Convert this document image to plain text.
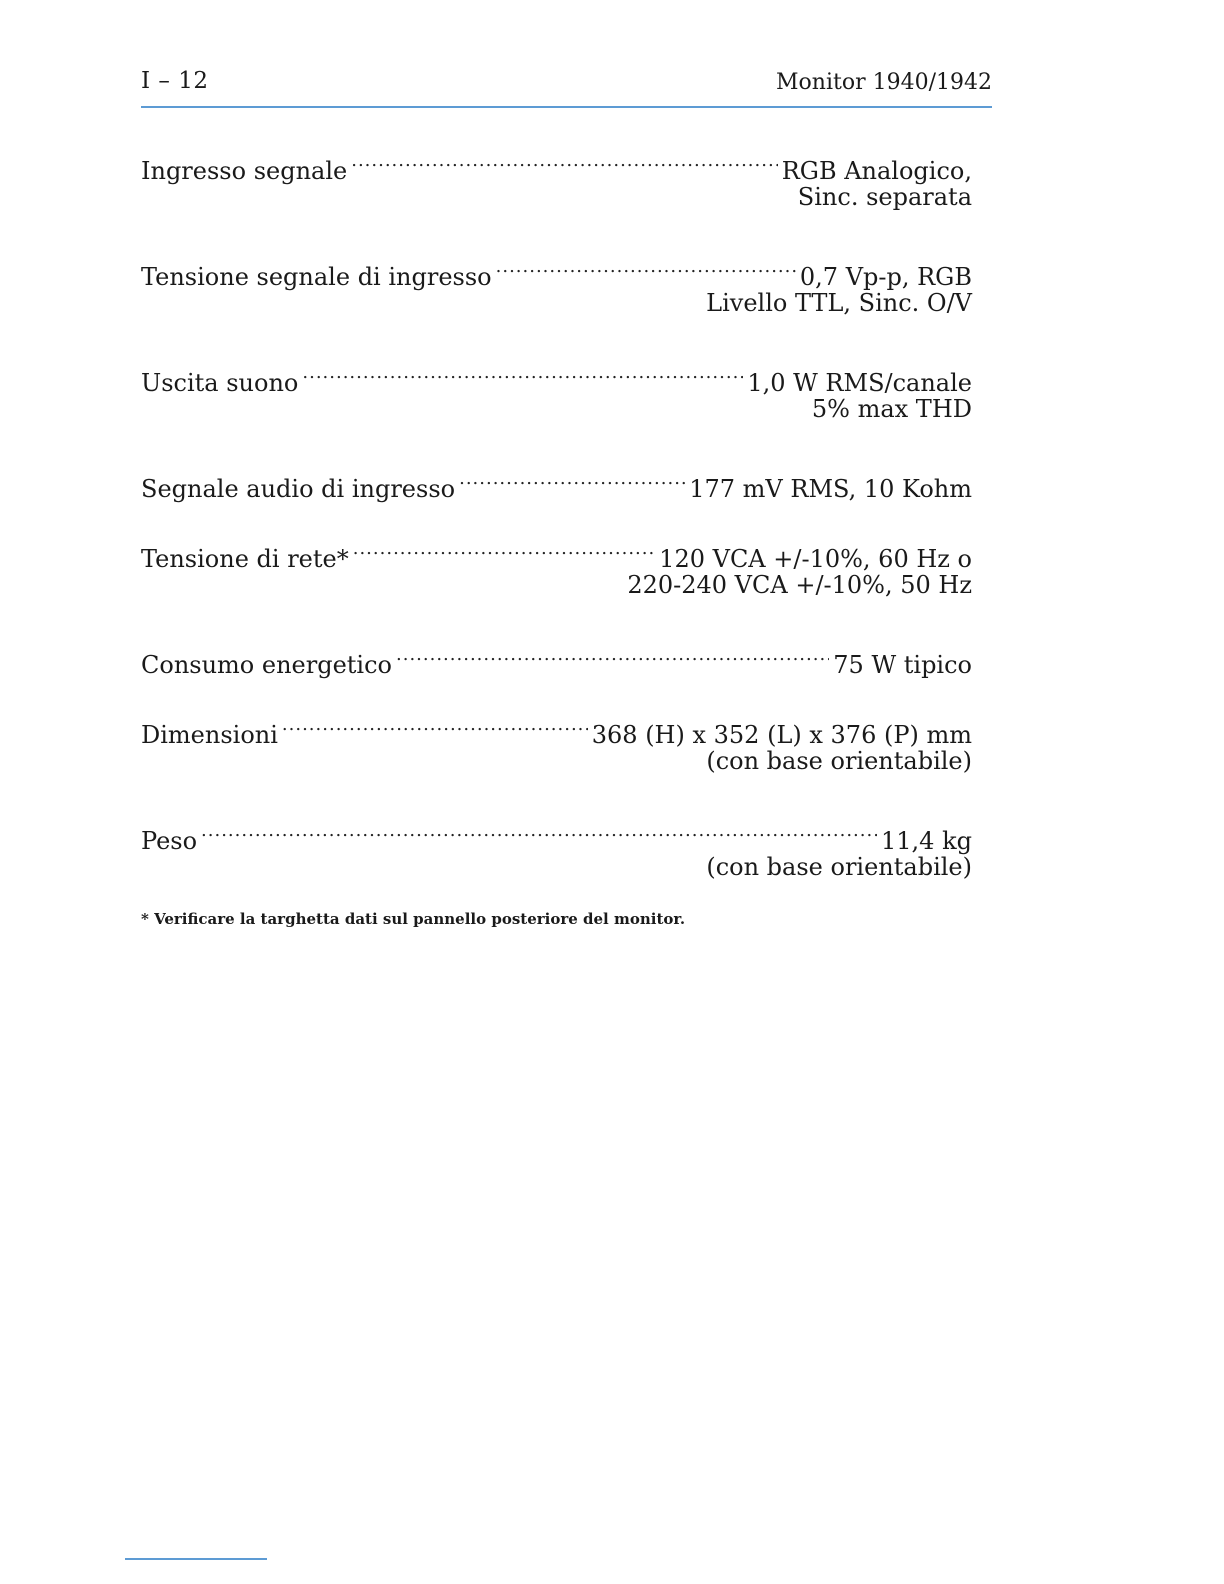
I – 12	Monitor 1940/1942
Ingresso segnale .....	RGB Analogico,
Sinc. separata
Tensione segnale di ingresso .....	0,7 Vp-p, RGB
Livello TTL, Sinc. O/V
Uscita suono .....	1,0 W RMS/canale
5% max THD
Segnale audio di ingresso .....	177 mV RMS, 10 Kohm
Tensione di rete* .....	120 VCA +/-10%, 60 Hz o
220-240 VCA +/-10%, 50 Hz
Consumo energetico .....	75 W tipico
Dimensioni .....	368 (H) x 352 (L) x 376 (P) mm
(con base orientabile)
Peso .....	11,4 kg
(con base orientabile)
* Verificare la targhetta dati sul pannello posteriore del monitor.
